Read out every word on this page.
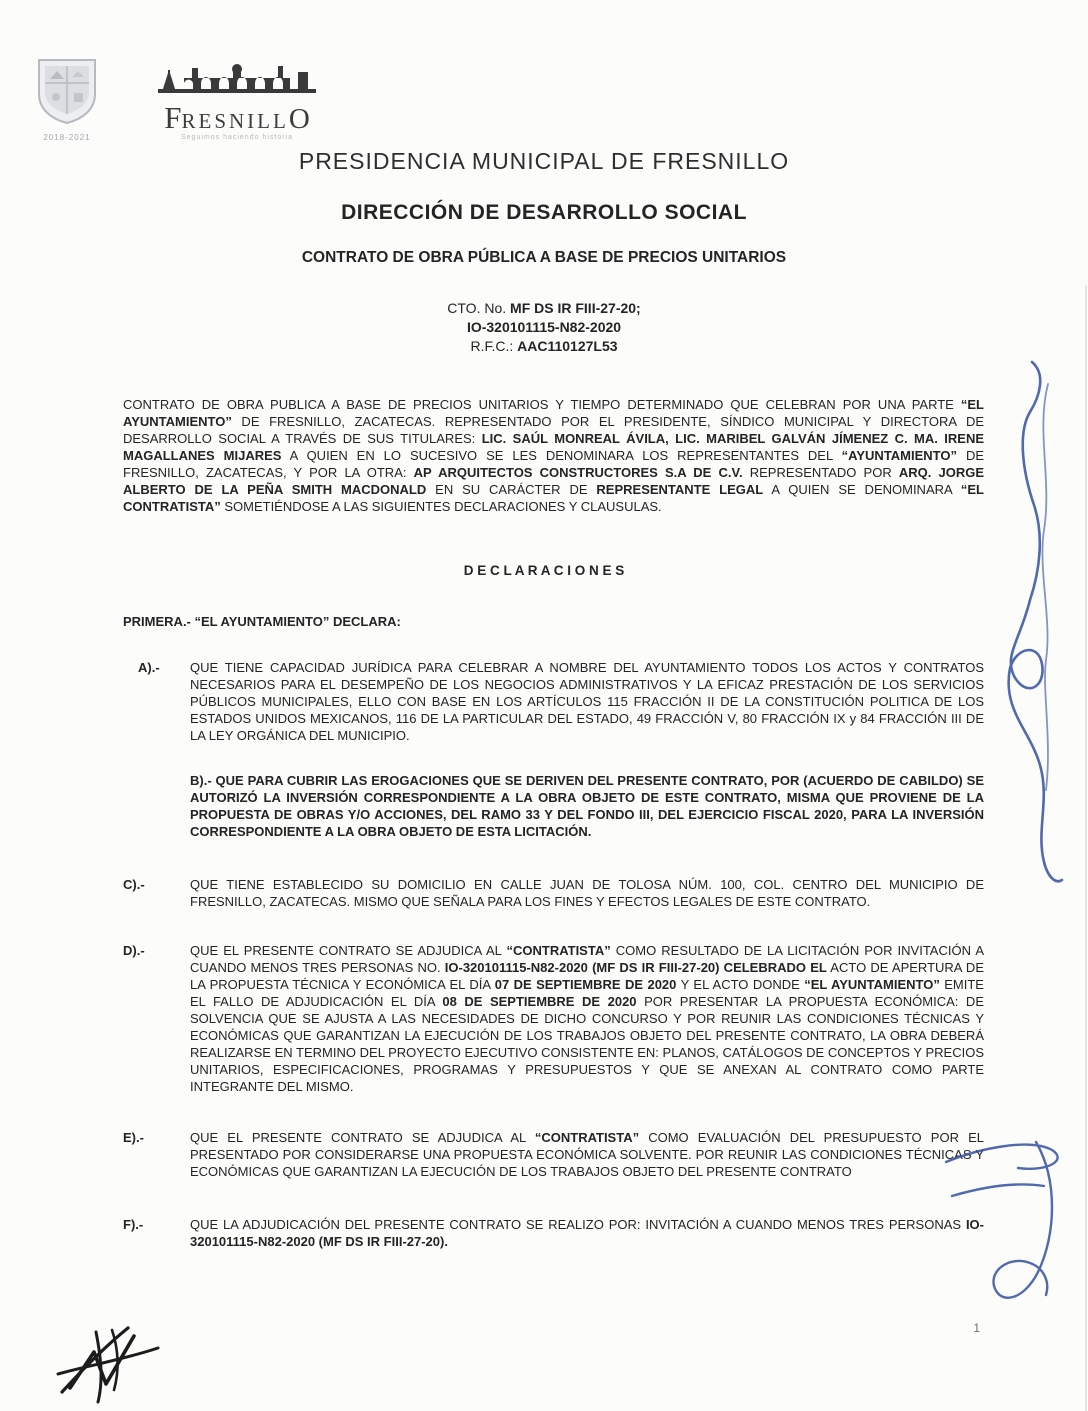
2018-2021
FRESNILLO
Seguimos haciendo historia
PRESIDENCIA MUNICIPAL DE FRESNILLO
DIRECCIÓN DE DESARROLLO SOCIAL
CONTRATO DE OBRA PÚBLICA A BASE DE PRECIOS UNITARIOS
CTO. No. MF DS IR FIII-27-20;
IO-320101115-N82-2020
R.F.C.: AAC110127L53
CONTRATO DE OBRA PUBLICA A BASE DE PRECIOS UNITARIOS Y TIEMPO DETERMINADO QUE CELEBRAN POR UNA PARTE “EL AYUNTAMIENTO” DE FRESNILLO, ZACATECAS. REPRESENTADO POR EL PRESIDENTE, SÍNDICO MUNICIPAL Y DIRECTORA DE DESARROLLO SOCIAL A TRAVÉS DE SUS TITULARES: LIC. SAÚL MONREAL ÁVILA, LIC. MARIBEL GALVÁN JÍMENEZ C. MA. IRENE MAGALLANES MIJARES A QUIEN EN LO SUCESIVO SE LES DENOMINARA LOS REPRESENTANTES DEL “AYUNTAMIENTO” DE FRESNILLO, ZACATECAS, Y POR LA OTRA: AP ARQUITECTOS CONSTRUCTORES S.A DE C.V. REPRESENTADO POR ARQ. JORGE ALBERTO DE LA PEÑA SMITH MACDONALD EN SU CARÁCTER DE REPRESENTANTE LEGAL A QUIEN SE DENOMINARA “EL CONTRATISTA” SOMETIÉNDOSE A LAS SIGUIENTES DECLARACIONES Y CLAUSULAS.
D E C L A R A C I O N E S
PRIMERA.- “EL AYUNTAMIENTO” DECLARA:
A).-	QUE TIENE CAPACIDAD JURÍDICA PARA CELEBRAR A NOMBRE DEL AYUNTAMIENTO TODOS LOS ACTOS Y CONTRATOS NECESARIOS PARA EL DESEMPEÑO DE LOS NEGOCIOS ADMINISTRATIVOS Y LA EFICAZ PRESTACIÓN DE LOS SERVICIOS PÚBLICOS MUNICIPALES, ELLO CON BASE EN LOS ARTÍCULOS 115 FRACCIÓN II DE LA CONSTITUCIÓN POLITICA DE LOS ESTADOS UNIDOS MEXICANOS, 116 DE LA PARTICULAR DEL ESTADO, 49 FRACCIÓN V, 80 FRACCIÓN IX y 84 FRACCIÓN III DE LA LEY ORGÁNICA DEL MUNICIPIO.
B).- QUE PARA CUBRIR LAS EROGACIONES QUE SE DERIVEN DEL PRESENTE CONTRATO, POR (ACUERDO DE CABILDO) SE AUTORIZÓ LA INVERSIÓN CORRESPONDIENTE A LA OBRA OBJETO DE ESTE CONTRATO, MISMA QUE PROVIENE DE LA PROPUESTA DE OBRAS Y/O ACCIONES, DEL RAMO 33 Y DEL FONDO III, DEL EJERCICIO FISCAL 2020, PARA LA INVERSIÓN CORRESPONDIENTE A LA OBRA OBJETO DE ESTA LICITACIÓN.
C).-	QUE TIENE ESTABLECIDO SU DOMICILIO EN CALLE JUAN DE TOLOSA NÚM. 100, COL. CENTRO DEL MUNICIPIO DE FRESNILLO, ZACATECAS. MISMO QUE SEÑALA PARA LOS FINES Y EFECTOS LEGALES DE ESTE CONTRATO.
D).-	QUE EL PRESENTE CONTRATO SE ADJUDICA AL “CONTRATISTA” COMO RESULTADO DE LA LICITACIÓN POR INVITACIÓN A CUANDO MENOS TRES PERSONAS NO. IO-320101115-N82-2020 (MF DS IR FIII-27-20) CELEBRADO EL ACTO DE APERTURA DE LA PROPUESTA TÉCNICA Y ECONÓMICA EL DÍA 07 DE SEPTIEMBRE DE 2020 Y EL ACTO DONDE “EL AYUNTAMIENTO” EMITE EL FALLO DE ADJUDICACIÓN EL DÍA 08 DE SEPTIEMBRE DE 2020 POR PRESENTAR LA PROPUESTA ECONÓMICA: DE SOLVENCIA QUE SE AJUSTA A LAS NECESIDADES DE DICHO CONCURSO Y POR REUNIR LAS CONDICIONES TÉCNICAS Y ECONÓMICAS QUE GARANTIZAN LA EJECUCIÓN DE LOS TRABAJOS OBJETO DEL PRESENTE CONTRATO, LA OBRA DEBERÁ REALIZARSE EN TERMINO DEL PROYECTO EJECUTIVO CONSISTENTE EN: PLANOS, CATÁLOGOS DE CONCEPTOS Y PRECIOS UNITARIOS, ESPECIFICACIONES, PROGRAMAS Y PRESUPUESTOS Y QUE SE ANEXAN AL CONTRATO COMO PARTE INTEGRANTE DEL MISMO.
E).-	QUE EL PRESENTE CONTRATO SE ADJUDICA AL “CONTRATISTA” COMO EVALUACIÓN DEL PRESUPUESTO POR EL PRESENTADO POR CONSIDERARSE UNA PROPUESTA ECONÓMICA SOLVENTE. POR REUNIR LAS CONDICIONES TÉCNICAS Y ECONÓMICAS QUE GARANTIZAN LA EJECUCIÓN DE LOS TRABAJOS OBJETO DEL PRESENTE CONTRATO
F).-	QUE LA ADJUDICACIÓN DEL PRESENTE CONTRATO SE REALIZO POR: INVITACIÓN A CUANDO MENOS TRES PERSONAS IO-320101115-N82-2020 (MF DS IR FIII-27-20).
1
